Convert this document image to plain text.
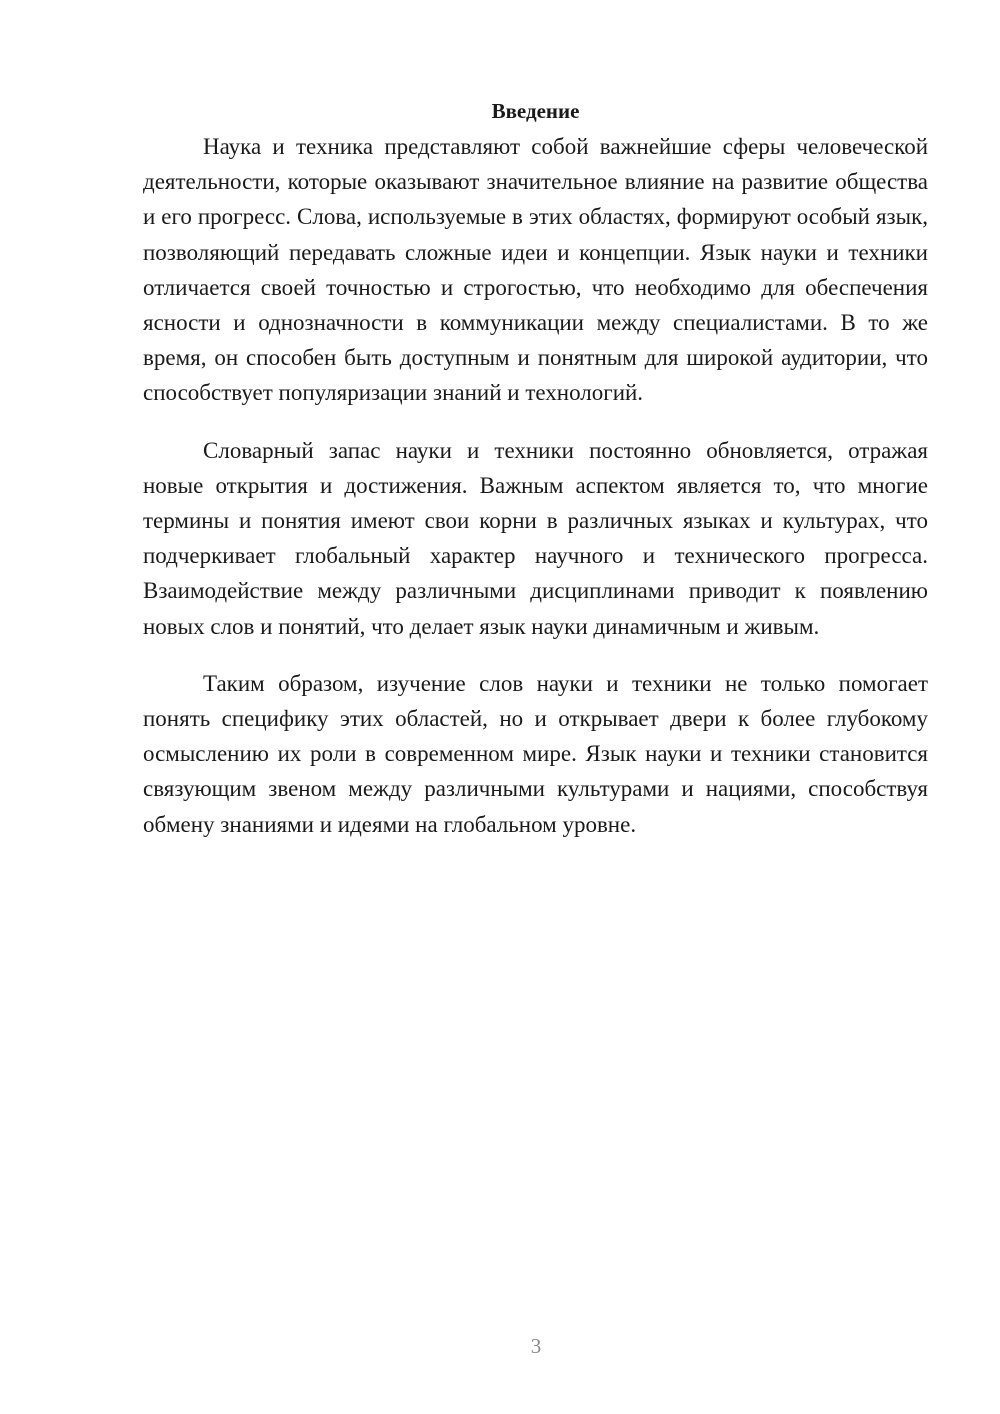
Введение

Наука и техника представляют собой важнейшие сферы человеческой деятельности, которые оказывают значительное влияние на развитие общества и его прогресс. Слова, используемые в этих областях, формируют особый язык, позволяющий передавать сложные идеи и концепции. Язык науки и техники отличается своей точностью и строгостью, что необходимо для обеспечения ясности и однозначности в коммуникации между специалистами. В то же время, он способен быть доступным и понятным для широкой аудитории, что способствует популяризации знаний и технологий.

Словарный запас науки и техники постоянно обновляется, отражая новые открытия и достижения. Важным аспектом является то, что многие термины и понятия имеют свои корни в различных языках и культурах, что подчеркивает глобальный характер научного и технического прогресса. Взаимодействие между различными дисциплинами приводит к появлению новых слов и понятий, что делает язык науки динамичным и живым.

Таким образом, изучение слов науки и техники не только помогает понять специфику этих областей, но и открывает двери к более глубокому осмыслению их роли в современном мире. Язык науки и техники становится связующим звеном между различными культурами и нациями, способствуя обмену знаниями и идеями на глобальном уровне.

3
